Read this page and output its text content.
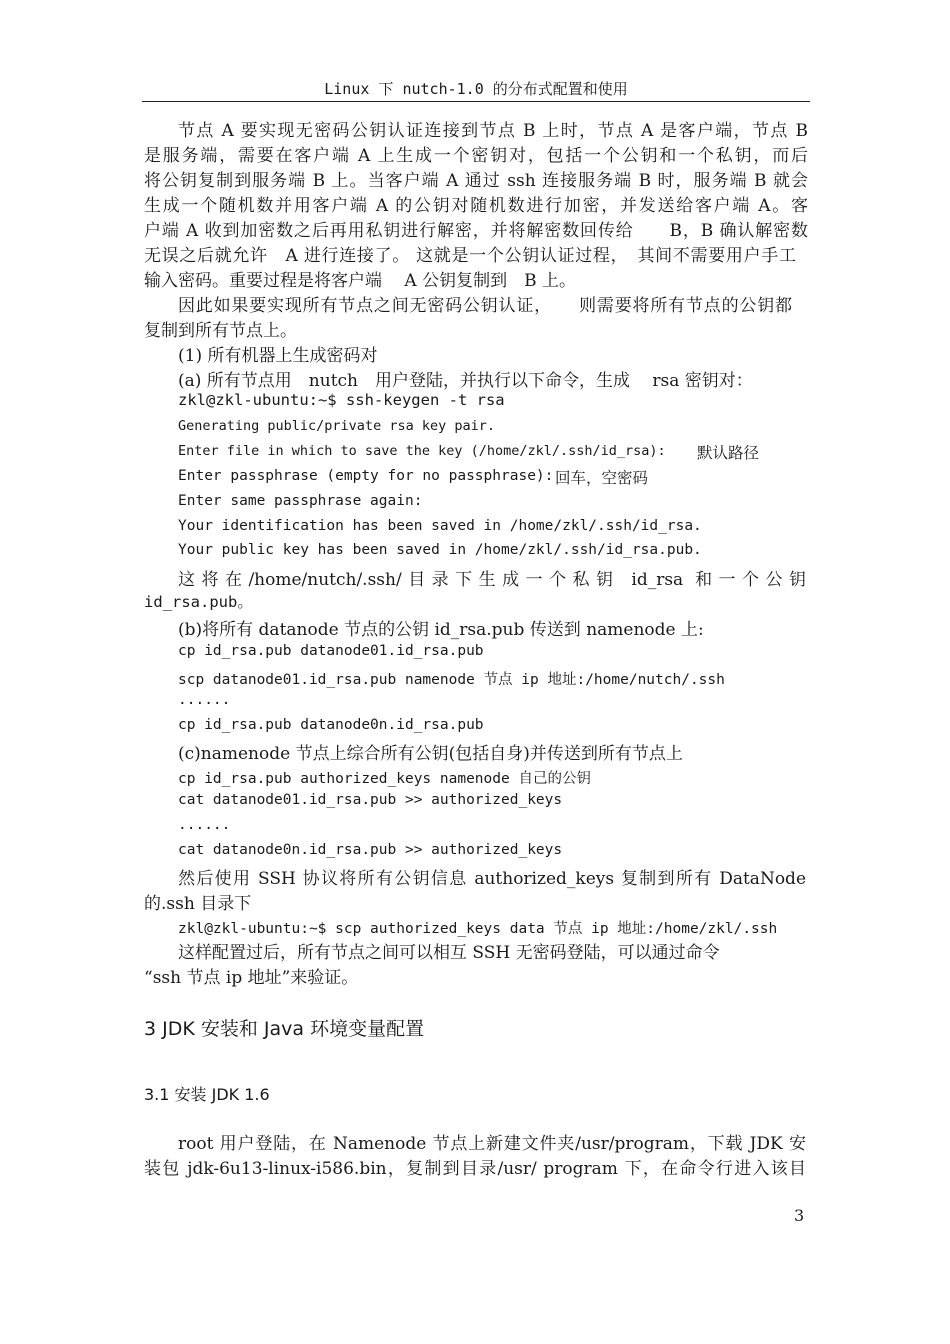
Linux 下 nutch-1.0 的分布式配置和使用
节点 A 要实现无密码公钥认证连接到节点 B 上时，节点 A 是客户端，节点 B
是服务端，需要在客户端 A 上生成一个密钥对，包括一个公钥和一个私钥，而后
将公钥复制到服务端 B 上。当客户端 A 通过 ssh 连接服务端 B 时，服务端 B 就会
生成一个随机数并用客户端 A 的公钥对随机数进行加密，并发送给客户端 A。客
户端 A 收到加密数之后再用私钥进行解密，并将解密数回传给　　B，B 确认解密数
无误之后就允许　A 进行连接了。 这就是一个公钥认证过程，　其间不需要用户手工
输入密码。重要过程是将客户端　 A 公钥复制到　B 上。
因此如果要实现所有节点之间无密码公钥认证，　　则需要将所有节点的公钥都
复制到所有节点上。
(1) 所有机器上生成密码对
(a) 所有节点用　nutch　用户登陆，并执行以下命令，生成　 rsa 密钥对：
zkl@zkl-ubuntu:~$ ssh-keygen -t rsa
Generating public/private rsa key pair.
Enter file in which to save the key (/home/zkl/.ssh/id_rsa): 默认路径
Enter passphrase (empty for no passphrase): 回车，空密码
Enter same passphrase again:
Your identification has been saved in /home/zkl/.ssh/id_rsa.
Your public key has been saved in /home/zkl/.ssh/id_rsa.pub.
这将在/home/nutch/.ssh/目录下生成一个私钥 id_rsa 和一个公钥
id_rsa.pub。
(b)将所有 datanode 节点的公钥 id_rsa.pub 传送到 namenode 上:
cp id_rsa.pub datanode01.id_rsa.pub
scp datanode01.id_rsa.pub namenode 节点 ip 地址:/home/nutch/.ssh
......
cp id_rsa.pub datanode0n.id_rsa.pub
(c)namenode 节点上综合所有公钥(包括自身)并传送到所有节点上
cp id_rsa.pub authorized_keys namenode 自己的公钥
cat datanode01.id_rsa.pub >> authorized_keys
......
cat datanode0n.id_rsa.pub >> authorized_keys
然后使用 SSH 协议将所有公钥信息 authorized_keys 复制到所有 DataNode
的.ssh 目录下
zkl@zkl-ubuntu:~$ scp authorized_keys data 节点 ip 地址:/home/zkl/.ssh
这样配置过后，所有节点之间可以相互 SSH 无密码登陆，可以通过命令
“ssh 节点 ip 地址”来验证。
3 JDK 安装和 Java 环境变量配置
3.1 安装 JDK 1.6
root 用户登陆，在 Namenode 节点上新建文件夹/usr/program，下载 JDK 安
装包 jdk-6u13-linux-i586.bin，复制到目录/usr/ program 下，在命令行进入该目
3
